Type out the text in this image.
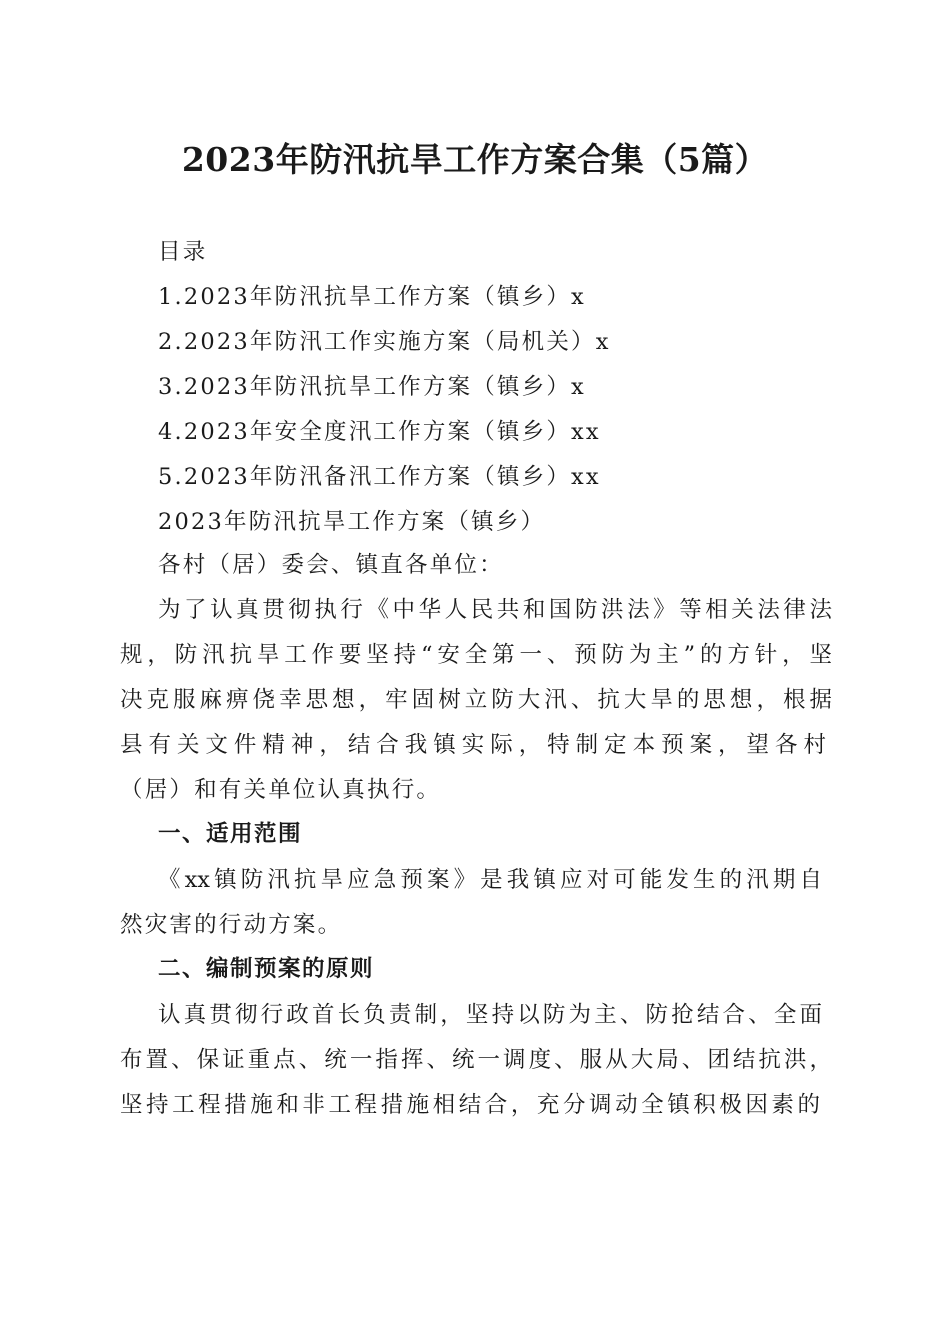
2023年防汛抗旱工作方案合集（5篇）
目录
1.2023年防汛抗旱工作方案（镇乡）x
2.2023年防汛工作实施方案（局机关）x
3.2023年防汛抗旱工作方案（镇乡）x
4.2023年安全度汛工作方案（镇乡）xx
5.2023年防汛备汛工作方案（镇乡）xx
2023年防汛抗旱工作方案（镇乡）
各村（居）委会、镇直各单位：
为了认真贯彻执行《中华人民共和国防洪法》等相关法律法
规，防汛抗旱工作要坚持“安全第一、预防为主”的方针，坚
决克服麻痹侥幸思想，牢固树立防大汛、抗大旱的思想，根据
县有关文件精神，结合我镇实际，特制定本预案，望各村
（居）和有关单位认真执行。
一、适用范围
《xx镇防汛抗旱应急预案》是我镇应对可能发生的汛期自
然灾害的行动方案。
二、编制预案的原则
认真贯彻行政首长负责制，坚持以防为主、防抢结合、全面
布置、保证重点、统一指挥、统一调度、服从大局、团结抗洪，
坚持工程措施和非工程措施相结合，充分调动全镇积极因素的
